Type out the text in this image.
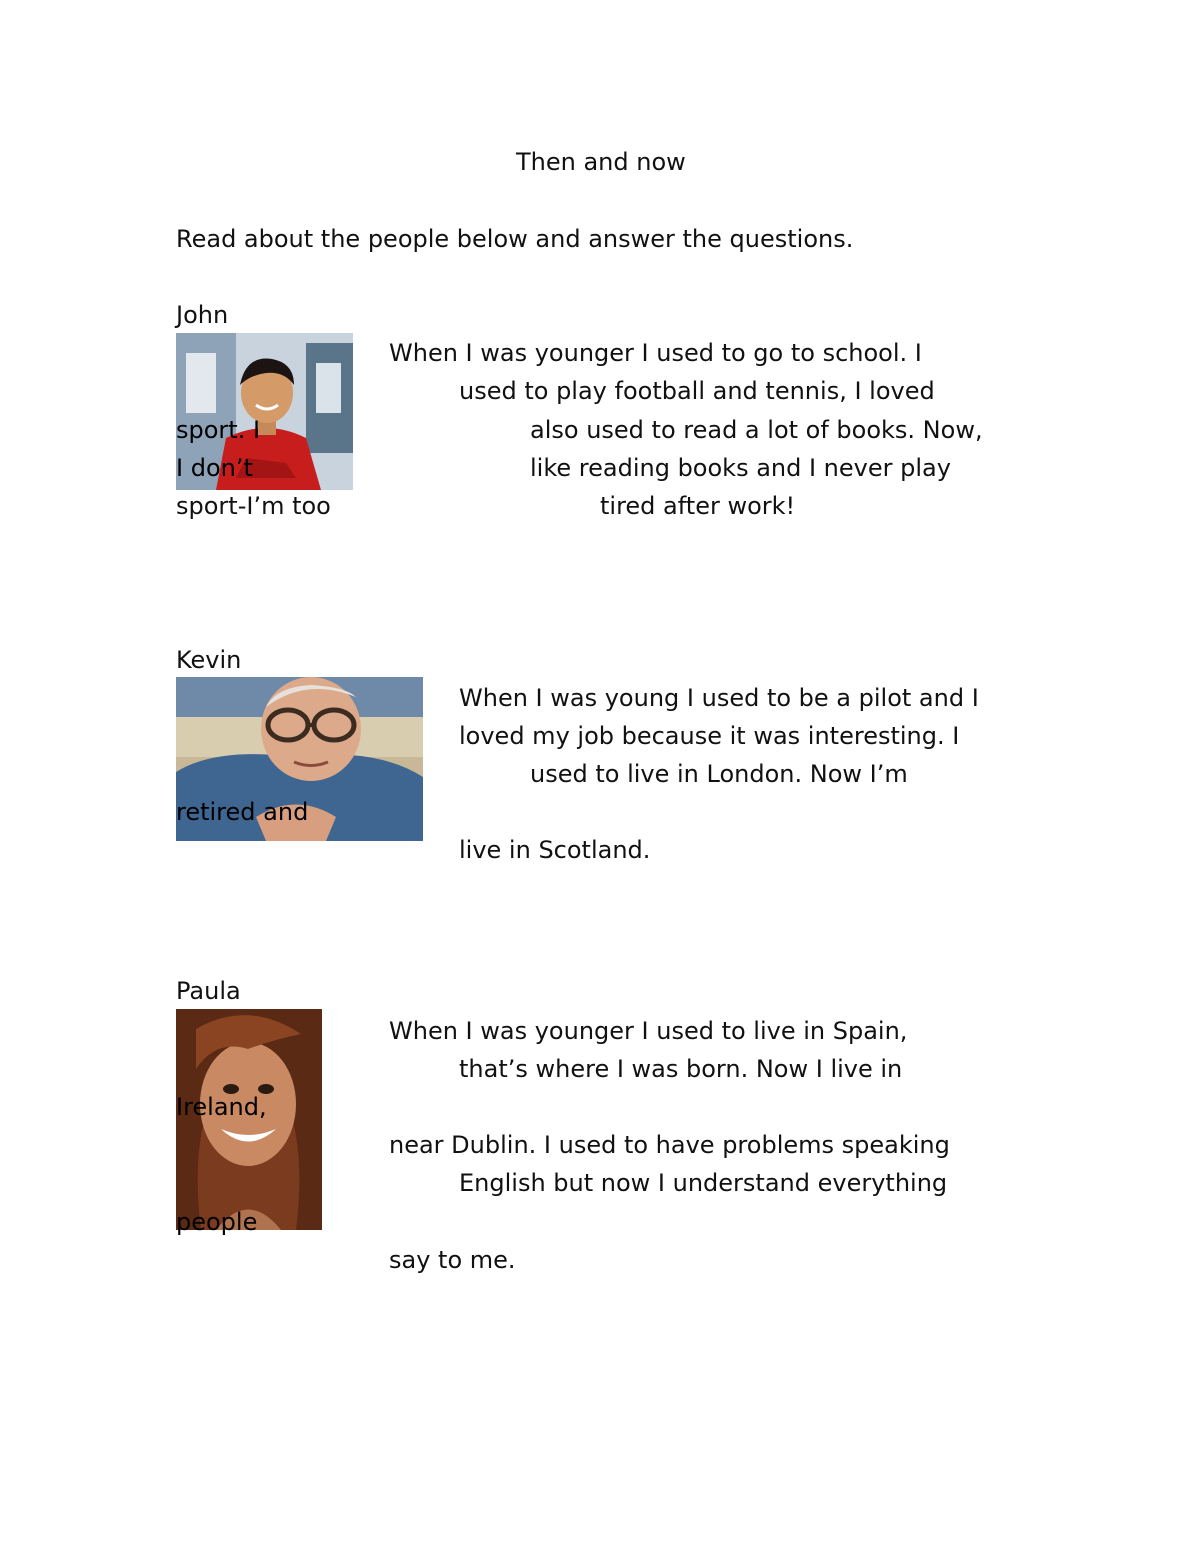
Then and now
Read about the people below and answer the questions.
John
sport. I
I don’t
When I was younger I used to go to school. I
used to play football and tennis, I loved
also used to read a lot of books. Now,
like reading books and I never play
sport-I’m too	tired after work!
Kevin
retired and
When I was young I used to be a pilot and I
loved my job because it was interesting. I
used to live in London. Now I’m
live in Scotland.
Paula
Ireland,
people
When I was younger I used to live in Spain,
that’s where I was born. Now I live in
near Dublin. I used to have problems speaking
English but now I understand everything
say to me.
